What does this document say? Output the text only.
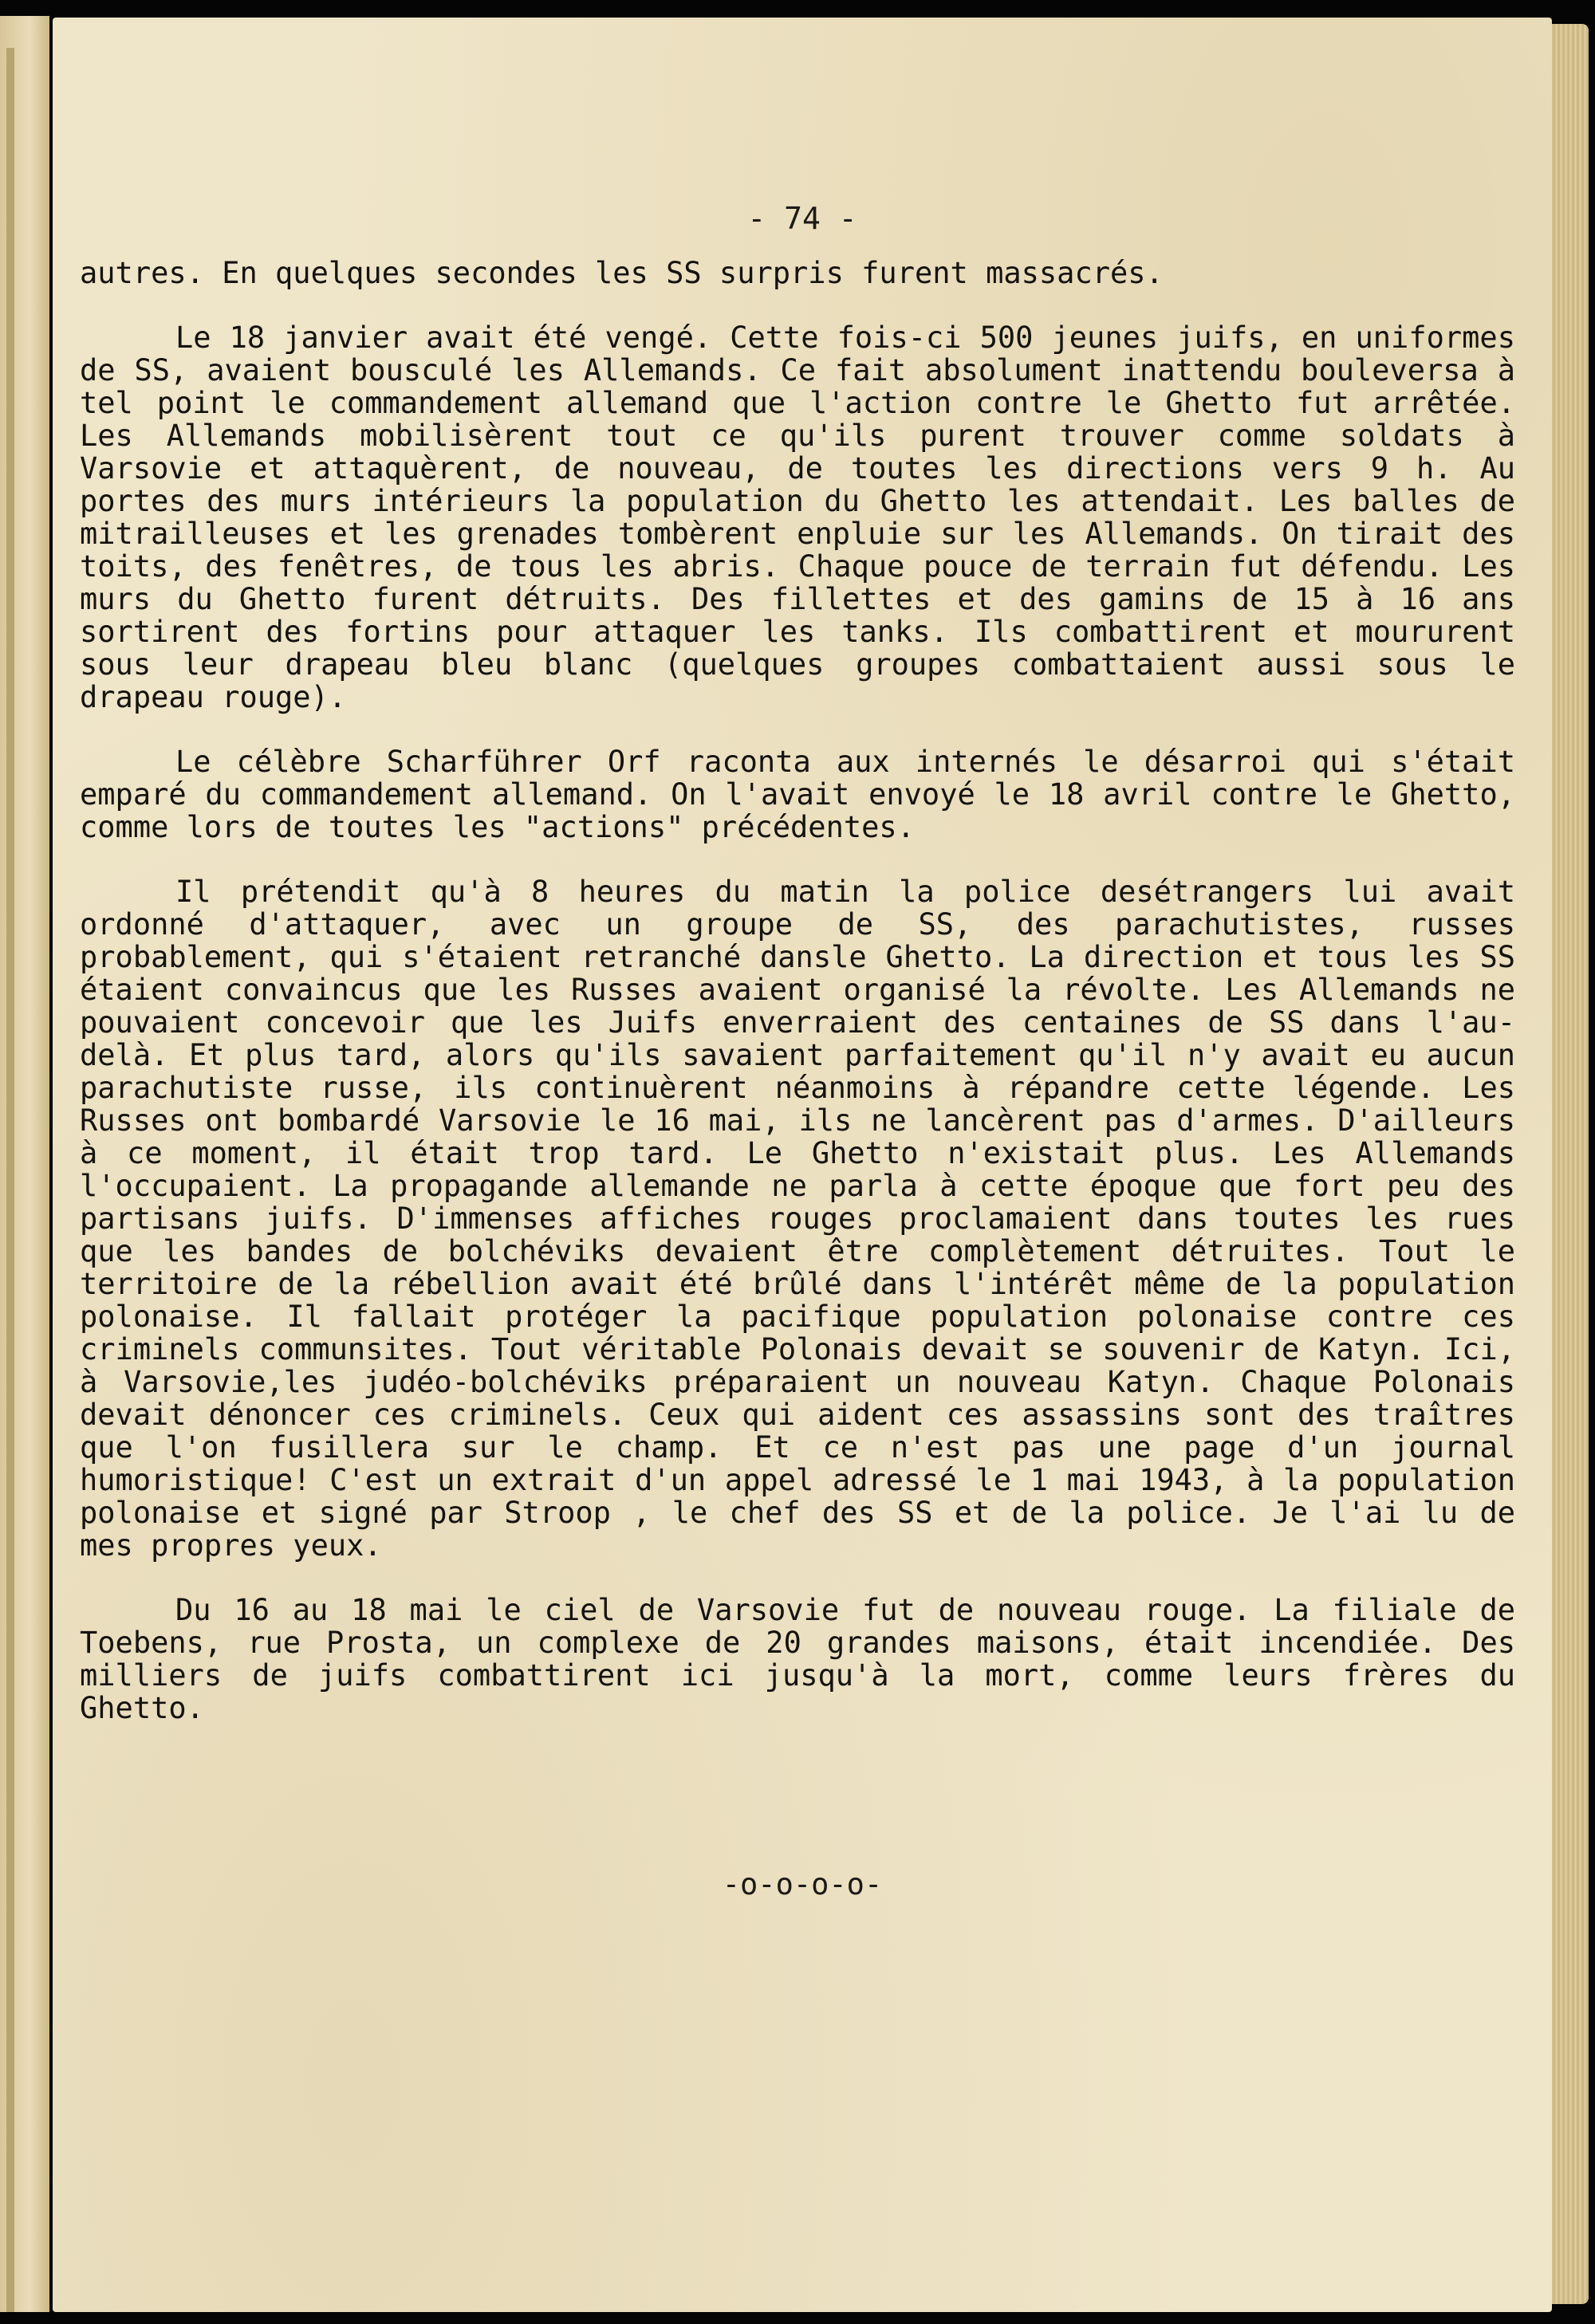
- 74 -

autres. En quelques secondes les SS surpris furent massacrés.

Le 18 janvier avait été vengé. Cette fois-ci 500 jeunes juifs, en uniformes de SS, avaient bousculé les Allemands. Ce fait absolument inattendu bouleversa à tel point le commandement allemand que l'action contre le Ghetto fut arrêtée. Les Allemands mobilisèrent tout ce qu'ils purent trouver comme soldats à Varsovie et attaquèrent, de nouveau, de toutes les directions vers 9 h. Au portes des murs intérieurs la population du Ghetto les attendait. Les balles de mitrailleuses et les grenades tombèrent enpluie sur les Allemands. On tirait des toits, des fenêtres, de tous les abris. Chaque pouce de terrain fut défendu. Les murs du Ghetto furent détruits. Des fillettes et des gamins de 15 à 16 ans sortirent des fortins pour attaquer les tanks. Ils combattirent et moururent sous leur drapeau bleu blanc (quelques groupes combattaient aussi sous le drapeau rouge).

Le célèbre Scharführer Orf raconta aux internés le désarroi qui s'était emparé du commandement allemand. On l'avait envoyé le 18 avril contre le Ghetto, comme lors de toutes les "actions" précédentes.

Il prétendit qu'à 8 heures du matin la police desétrangers lui avait ordonné d'attaquer, avec un groupe de SS, des parachutistes, russes probablement, qui s'étaient retranché dansle Ghetto. La direction et tous les SS étaient convaincus que les Russes avaient organisé la révolte. Les Allemands ne pouvaient concevoir que les Juifs enverraient des centaines de SS dans l'au-delà. Et plus tard, alors qu'ils savaient parfaitement qu'il n'y avait eu aucun parachutiste russe, ils continuèrent néanmoins à répandre cette légende. Les Russes ont bombardé Varsovie le 16 mai, ils ne lancèrent pas d'armes. D'ailleurs à ce moment, il était trop tard. Le Ghetto n'existait plus. Les Allemands l'occupaient. La propagande allemande ne parla à cette époque que fort peu des partisans juifs. D'immenses affiches rouges proclamaient dans toutes les rues que les bandes de bolchéviks devaient être complètement détruites. Tout le territoire de la rébellion avait été brûlé dans l'intérêt même de la population polonaise. Il fallait protéger la pacifique population polonaise contre ces criminels communsites. Tout véritable Polonais devait se souvenir de Katyn. Ici, à Varsovie,les judéo-bolchéviks préparaient un nouveau Katyn. Chaque Polonais devait dénoncer ces criminels. Ceux qui aident ces assassins sont des traîtres que l'on fusillera sur le champ. Et ce n'est pas une page d'un journal humoristique! C'est un extrait d'un appel adressé le 1 mai 1943, à la population polonaise et signé par Stroop , le chef des SS et de la police. Je l'ai lu de mes propres yeux.

Du 16 au 18 mai le ciel de Varsovie fut de nouveau rouge. La filiale de Toebens, rue Prosta, un complexe de 20 grandes maisons, était incendiée. Des milliers de juifs combattirent ici jusqu'à la mort, comme leurs frères du Ghetto.

-o-o-o-o-
